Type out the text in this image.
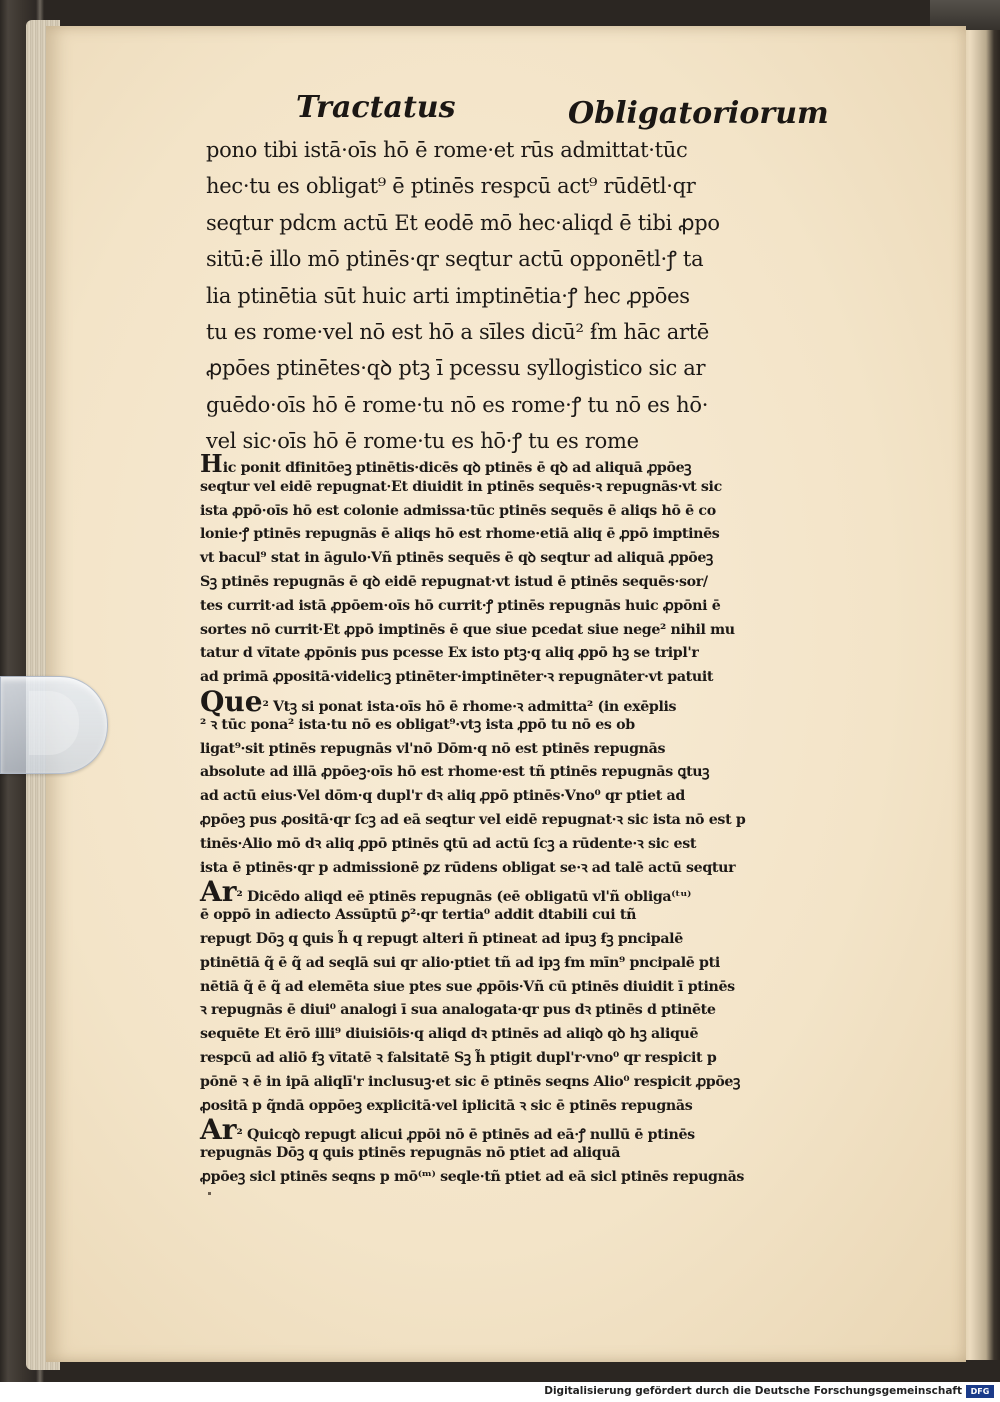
Tractatus	Obligatoriorum
pono tibi istā·oīs hō ē rome·et rūs admittat·tūc
hec·tu es obligat⁹ ē ptinēs respcū act⁹ rūdētl·qr
seqtur pdcm actū Et eodē mō hec·aliqd ē tibi ꝓpo
sitū:ē illo mō ptinēs·qr seqtur actū opponētl·ꝭ ta
lia ptinētia sūt huic arti imptinētia·ꝭ hec ꝓpōes
tu es rome·vel nō est hō a sīles dicū² ẜm hāc artē
ꝓpōes ptinētes·qꝺ ptꝫ ī pcessu syllogistico sic ar
guēdo·oīs hō ē rome·tu nō es rome·ꝭ tu nō es hō·
vel sic·oīs hō ē rome·tu es hō·ꝭ tu es rome
Hic ponit dfinitōeꝫ ptinētis·dicēs qꝺ ptinēs ē qꝺ ad aliquā ꝓpōeꝫ
seqtur vel eidē repugnat·Et diuidit in ptinēs sequēs·ꝛ repugnās·vt sic
ista ꝓpō·oīs hō est colonie admissa·tūc ptinēs sequēs ē aliqs hō ē co
lonie·ꝭ ptinēs repugnās ē aliqs hō est rhome·etiā aliq ē ꝓpō imptinēs
vt bacul⁹ stat in āgulo·Vñ ptinēs sequēs ē qꝺ seqtur ad aliquā ꝓpōeꝫ
Sꝫ ptinēs repugnās ē qꝺ eidē repugnat·vt istud ē ptinēs sequēs·sor/
tes currit·ad istā ꝓpōem·oīs hō currit·ꝭ ptinēs repugnās huic ꝓpōni ē
sortes nō currit·Et ꝓpō imptinēs ē que siue pcedat siue nege² nihil mu
tatur d vītate ꝓpōnis pus pcesse Ex isto ptꝫ·q aliq ꝓpō hꝫ se tripl'r
ad primā ꝓpositā·videlicꝫ ptinēter·imptinēter·ꝛ repugnāter·vt patuit
Que² Vtꝫ si ponat ista·oīs hō ē rhome·ꝛ admitta² (in exēplis
² ꝛ tūc pona² ista·tu nō es obligat⁹·vtꝫ ista ꝓpō tu nō es ob
ligat⁹·sit ptinēs repugnās vl'nō Dōm·q nō est ptinēs repugnās
absolute ad illā ꝓpōeꝫ·oīs hō est rhome·est tñ ptinēs repugnās ꝗtuꝫ
ad actū eius·Vel dōm·q dupl'r dꝛ aliq ꝓpō ptinēs·Vno⁰ qr ptiet ad
ꝓpōeꝫ pus ꝓositā·qr ſcꝫ ad eā seqtur vel eidē repugnat·ꝛ sic ista nō est p
tinēs·Alio mō dꝛ aliq ꝓpō ptinēs ꝗtū ad actū ſcꝫ a rūdente·ꝛ sic est
ista ē ptinēs·qr p admissionē ꝑz rūdens obligat se·ꝛ ad talē actū seqtur
Ar² Dicēdo aliqd eē ptinēs repugnās (eē obligatū vl'ñ obliga⁽ᵗᵘ⁾
ē oppō in adiecto Assūptū ꝑ²·qr tertia⁰ addit dtabili cui tñ
repugt Dōꝫ q ꝗuis h̃ q repugt alteri ñ ptineat ad ipuꝫ ẜꝫ pncipalē
ptinētiā q̃ ē q̃ ad seqlā sui qr alio·ptiet tñ ad ipꝫ ẜm mīn⁹ pncipalē pti
nētiā q̃ ē q̃ ad elemēta siue ptes sue ꝓpōis·Vñ cū ptinēs diuidit ī ptinēs
ꝛ repugnās ē diui⁰ analogi ī sua analogata·qr pus dꝛ ptinēs d ptinēte
sequēte Et ērō illi⁹ diuisiōis·q aliqd dꝛ ptinēs ad aliqꝺ qꝺ hꝫ aliquē
respcū ad aliō ẜꝫ vītatē ꝛ falsitatē Sꝫ h̃ ptigit dupl'r·vno⁰ qr respicit p
pōnē ꝛ ē in ipā aliqlī'r inclusuꝫ·et sic ē ptinēs seqns Alio⁰ respicit ꝓpōeꝫ
ꝓositā p q̃ndā oppōeꝫ explicitā·vel iplicitā ꝛ sic ē ptinēs repugnās
Ar² Quicqꝺ repugt alicui ꝓpōi nō ē ptinēs ad eā·ꝭ nullū ē ptinēs
repugnās Dōꝫ q ꝗuis ptinēs repugnās nō ptiet ad aliquā
ꝓpōeꝫ sicl ptinēs seqns p mō⁽ᵐ⁾ seqle·tñ ptiet ad eā sicl ptinēs repugnās
Digitalisierung gefördert durch die Deutsche Forschungsgemeinschaft	DFG
